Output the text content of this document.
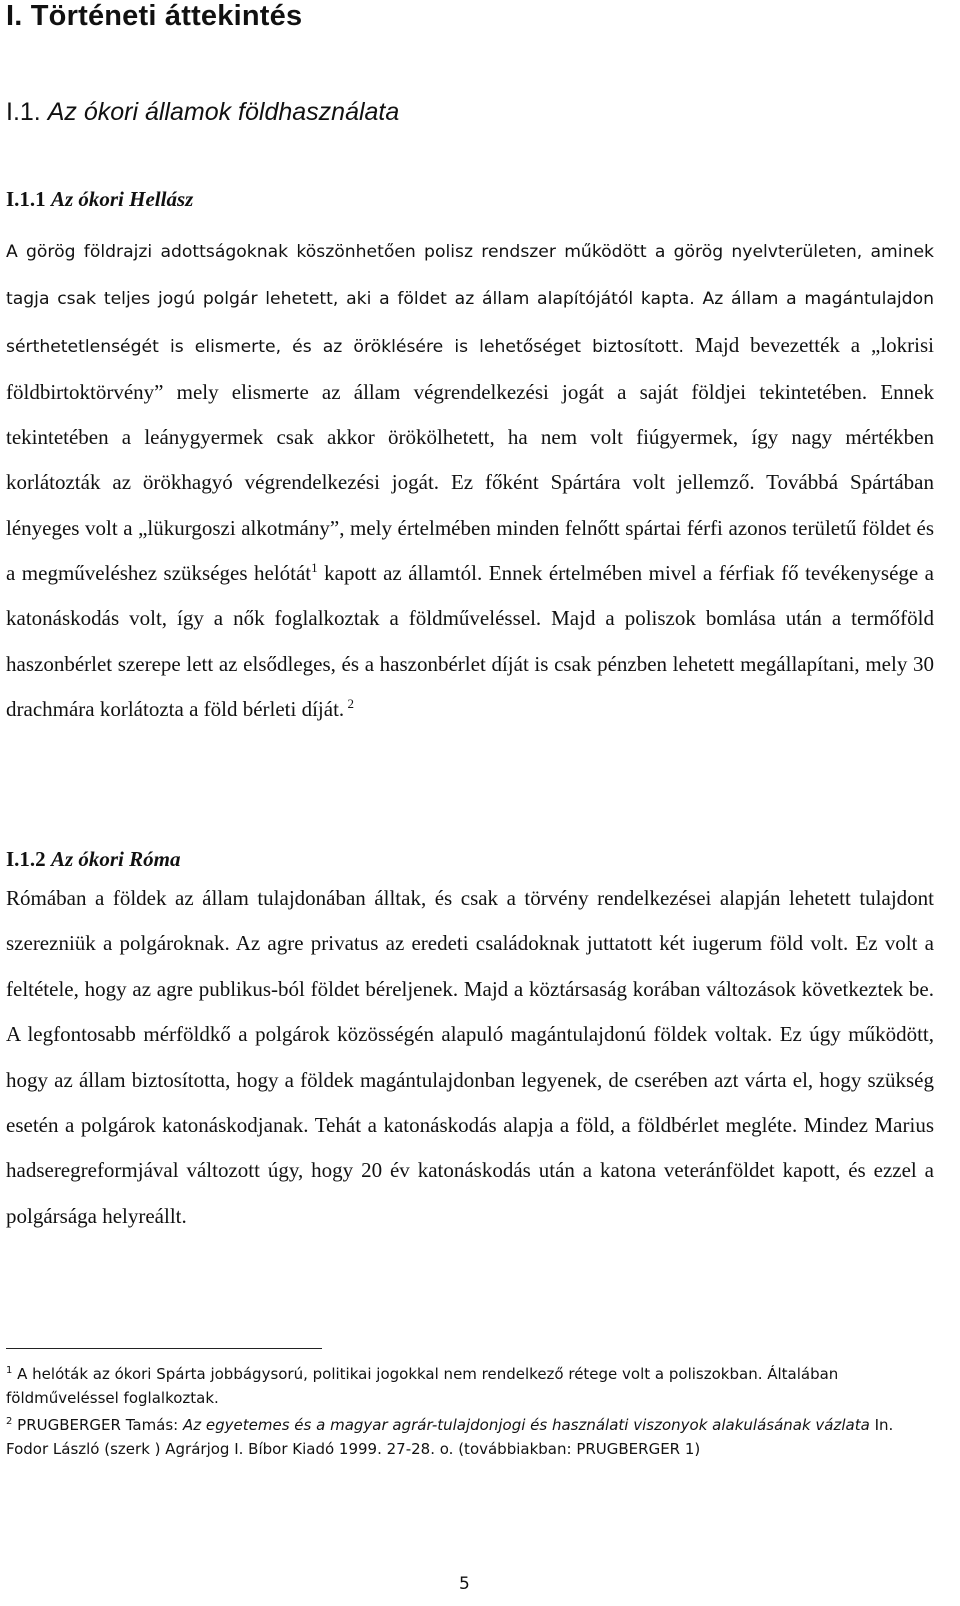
I. Történeti áttekintés
I.1. Az ókori államok földhasználata
I.1.1 Az ókori Hellász

A görög földrajzi adottságoknak köszönhetően polisz rendszer működött a görög nyelvterületen, aminek tagja csak teljes jogú polgár lehetett, aki a földet az állam alapítójától kapta. Az állam a magántulajdon sérthetetlenségét is elismerte, és az öröklésére is lehetőséget biztosított. Majd bevezették a „lokrisi földbirtoktörvény” mely elismerte az állam végrendelkezési jogát a saját földjei tekintetében. Ennek tekintetében a leánygyermek csak akkor örökölhetett, ha nem volt fiúgyermek, így nagy mértékben korlátozták az örökhagyó végrendelkezési jogát. Ez főként Spártára volt jellemző. Továbbá Spártában lényeges volt a „lükurgoszi alkotmány”, mely értelmében minden felnőtt spártai férfi azonos területű földet és a megműveléshez szükséges helótát$^1$ kapott az államtól. Ennek értelmében mivel a férfiak fő tevékenysége a katonáskodás volt, így a nők foglalkoztak a földműveléssel. Majd a poliszok bomlása után a termőföld haszonbérlet szerepe lett az elsődleges, és a haszonbérlet díját is csak pénzben lehetett megállapítani, mely 30 drachmára korlátozta a föld bérleti díját. $^2$

I.1.2 Az ókori Róma

Rómában a földek az állam tulajdonában álltak, és csak a törvény rendelkezései alapján lehetett tulajdont szerezniük a polgároknak. Az agre privatus az eredeti családoknak juttatott két iugerum föld volt. Ez volt a feltétele, hogy az agre publikus-ból földet béreljenek. Majd a köztársaság korában változások következtek be. A legfontosabb mérföldkő a polgárok közösségén alapuló magántulajdonú földek voltak. Ez úgy működött, hogy az állam biztosította, hogy a földek magántulajdonban legyenek, de cserében azt várta el, hogy szükség esetén a polgárok katonáskodjanak. Tehát a katonáskodás alapja a föld, a földbérlet megléte. Mindez Marius hadseregreformjával változott úgy, hogy 20 év katonáskodás után a katona veteránföldet kapott, és ezzel a polgársága helyreállt.

$^1$ A helóták az ókori Spárta jobbágysorú, politikai jogokkal nem rendelkező rétege volt a poliszokban. Általában földműveléssel foglalkoztak.

$^2$ PRUGBERGER Tamás: Az egyetemes és a magyar agrár-tulajdonjogi és használati viszonyok alakulásának vázlata In. Fodor László (szerk ) Agrárjog I. Bíbor Kiadó 1999. 27-28. o. (továbbiakban: PRUGBERGER 1)

5
